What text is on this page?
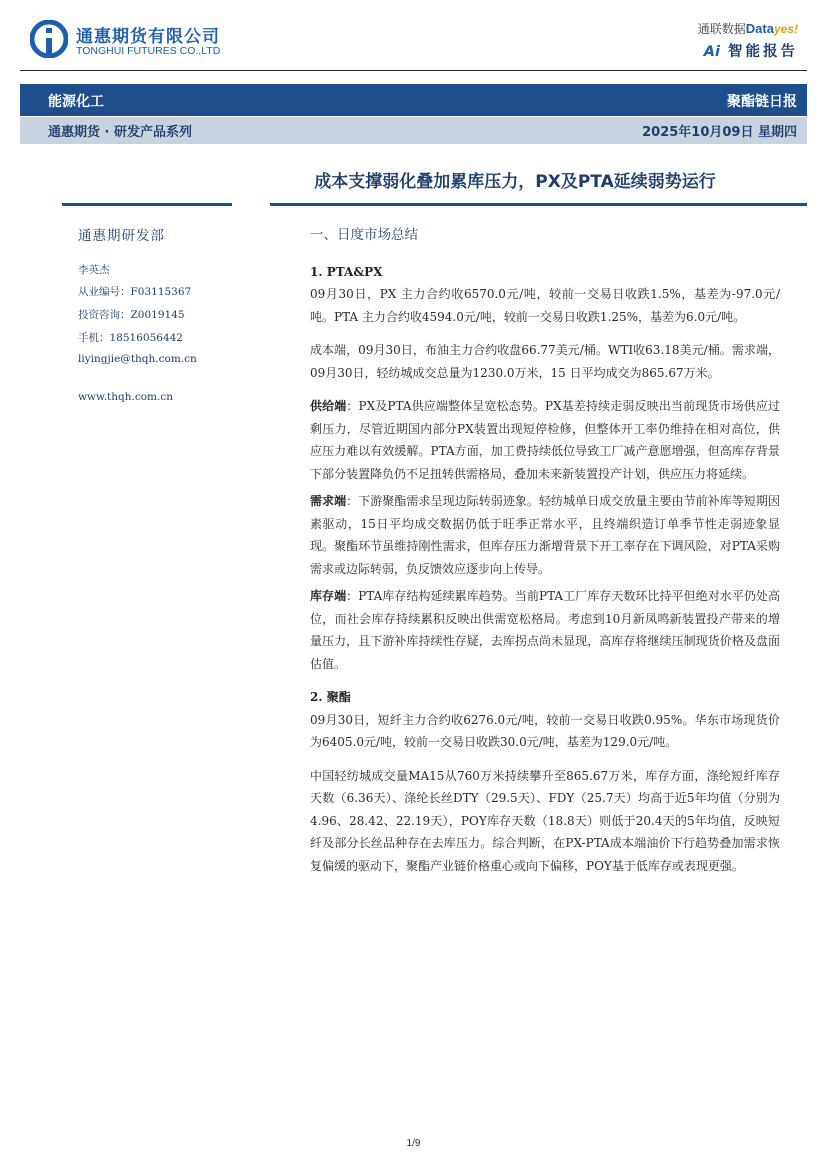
通惠期货有限公司
TONGHUI FUTURES CO.,LTD
通联数据Datayes!
Ai 智能报告
能源化工	聚酯链日报
通惠期货 · 研发产品系列	2025年10月09日 星期四
成本支撑弱化叠加累库压力，PX及PTA延续弱势运行
通惠期研发部
李英杰
从业编号：F03115367
投资咨询：Z0019145
手机：18516056442
liyingjie@thqh.com.cn
www.thqh.com.cn

一、日度市场总结

1. PTA&PX

09月30日，PX 主力合约收6570.0元/吨，较前一交易日收跌1.5%，基差为-97.0元/吨。PTA 主力合约收4594.0元/吨，较前一交易日收跌1.25%，基差为6.0元/吨。

成本端，09月30日，布油主力合约收盘66.77美元/桶。WTI收63.18美元/桶。需求端，09月30日，轻纺城成交总量为1230.0万米，15 日平均成交为865.67万米。

供给端：PX及PTA供应端整体呈宽松态势。PX基差持续走弱反映出当前现货市场供应过剩压力，尽管近期国内部分PX装置出现短停检修，但整体开工率仍维持在相对高位，供应压力难以有效缓解。PTA方面，加工费持续低位导致工厂减产意愿增强，但高库存背景下部分装置降负仍不足扭转供需格局，叠加未来新装置投产计划，供应压力将延续。

需求端：下游聚酯需求呈现边际转弱迹象。轻纺城单日成交放量主要由节前补库等短期因素驱动，15日平均成交数据仍低于旺季正常水平，且终端织造订单季节性走弱迹象显现。聚酯环节虽维持刚性需求，但库存压力渐增背景下开工率存在下调风险，对PTA采购需求或边际转弱，负反馈效应逐步向上传导。

库存端：PTA库存结构延续累库趋势。当前PTA工厂库存天数环比持平但绝对水平仍处高位，而社会库存持续累积反映出供需宽松格局。考虑到10月新凤鸣新装置投产带来的增量压力，且下游补库持续性存疑，去库拐点尚未显现，高库存将继续压制现货价格及盘面估值。

2. 聚酯

09月30日，短纤主力合约收6276.0元/吨，较前一交易日收跌0.95%。华东市场现货价为6405.0元/吨，较前一交易日收跌30.0元/吨，基差为129.0元/吨。

中国轻纺城成交量MA15从760万米持续攀升至865.67万米，库存方面，涤纶短纤库存天数（6.36天）、涤纶长丝DTY（29.5天）、FDY（25.7天）均高于近5年均值（分别为4.96、28.42、22.19天），POY库存天数（18.8天）则低于20.4天的5年均值，反映短纤及部分长丝品种存在去库压力。综合判断，在PX-PTA成本端油价下行趋势叠加需求恢复偏缓的驱动下，聚酯产业链价格重心或向下偏移，POY基于低库存或表现更强。

1/9
